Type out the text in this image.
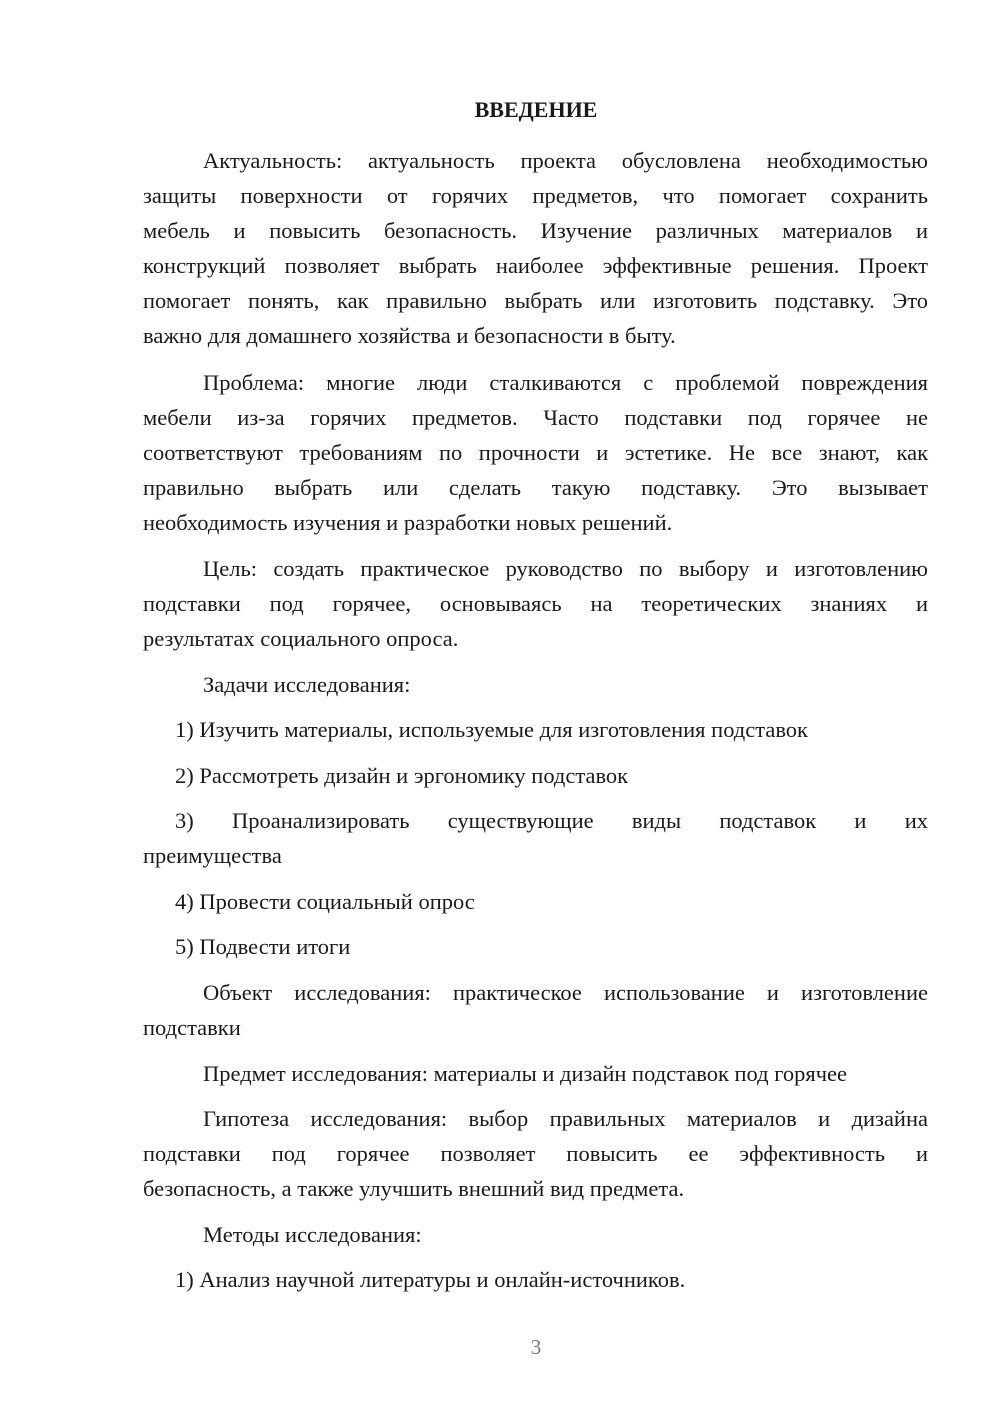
ВВЕДЕНИЕ
Актуальность: актуальность проекта обусловлена необходимостью
защиты поверхности от горячих предметов, что помогает сохранить
мебель и повысить безопасность. Изучение различных материалов и
конструкций позволяет выбрать наиболее эффективные решения. Проект
помогает понять, как правильно выбрать или изготовить подставку. Это
важно для домашнего хозяйства и безопасности в быту.
Проблема: многие люди сталкиваются с проблемой повреждения
мебели из-за горячих предметов. Часто подставки под горячее не
соответствуют требованиям по прочности и эстетике. Не все знают, как
правильно выбрать или сделать такую подставку. Это вызывает
необходимость изучения и разработки новых решений.
Цель: создать практическое руководство по выбору и изготовлению
подставки под горячее, основываясь на теоретических знаниях и
результатах социального опроса.
Задачи исследования:
1) Изучить материалы, используемые для изготовления подставок
2) Рассмотреть дизайн и эргономику подставок
3) Проанализировать существующие виды подставок и их
преимущества
4) Провести социальный опрос
5) Подвести итоги
Объект исследования: практическое использование и изготовление
подставки
Предмет исследования: материалы и дизайн подставок под горячее
Гипотеза исследования: выбор правильных материалов и дизайна
подставки под горячее позволяет повысить ее эффективность и
безопасность, а также улучшить внешний вид предмета.
Методы исследования:
1) Анализ научной литературы и онлайн-источников.
3
